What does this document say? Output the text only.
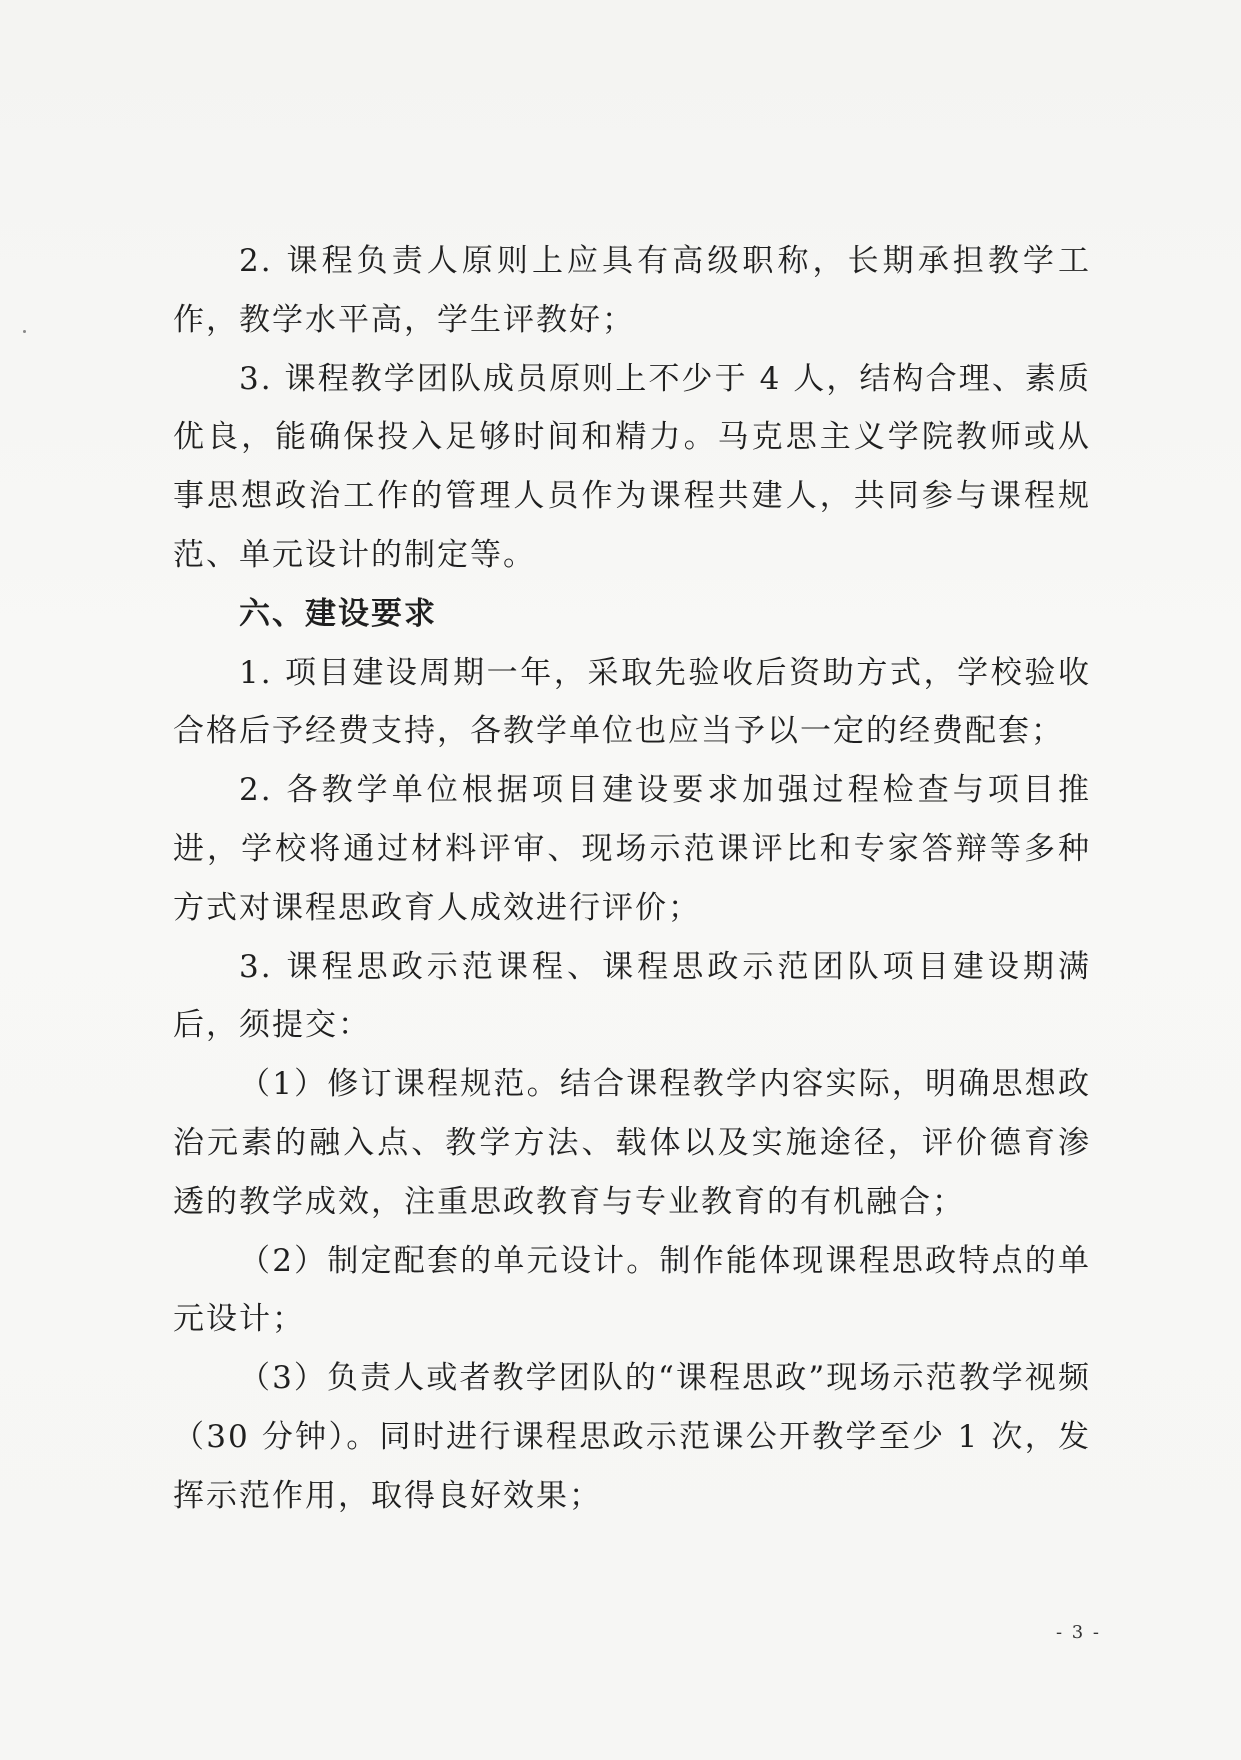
2. 课程负责人原则上应具有高级职称，长期承担教学工作，教学水平高，学生评教好；

3. 课程教学团队成员原则上不少于 4 人，结构合理、素质优良，能确保投入足够时间和精力。马克思主义学院教师或从事思想政治工作的管理人员作为课程共建人，共同参与课程规范、单元设计的制定等。

六、建设要求

1. 项目建设周期一年，采取先验收后资助方式，学校验收合格后予经费支持，各教学单位也应当予以一定的经费配套；

2. 各教学单位根据项目建设要求加强过程检查与项目推进，学校将通过材料评审、现场示范课评比和专家答辩等多种方式对课程思政育人成效进行评价；

3. 课程思政示范课程、课程思政示范团队项目建设期满后，须提交：

（1）修订课程规范。结合课程教学内容实际，明确思想政治元素的融入点、教学方法、载体以及实施途径，评价德育渗透的教学成效，注重思政教育与专业教育的有机融合；

（2）制定配套的单元设计。制作能体现课程思政特点的单元设计；

（3）负责人或者教学团队的“课程思政”现场示范教学视频（30 分钟）。同时进行课程思政示范课公开教学至少 1 次，发挥示范作用，取得良好效果；

- 3 -
